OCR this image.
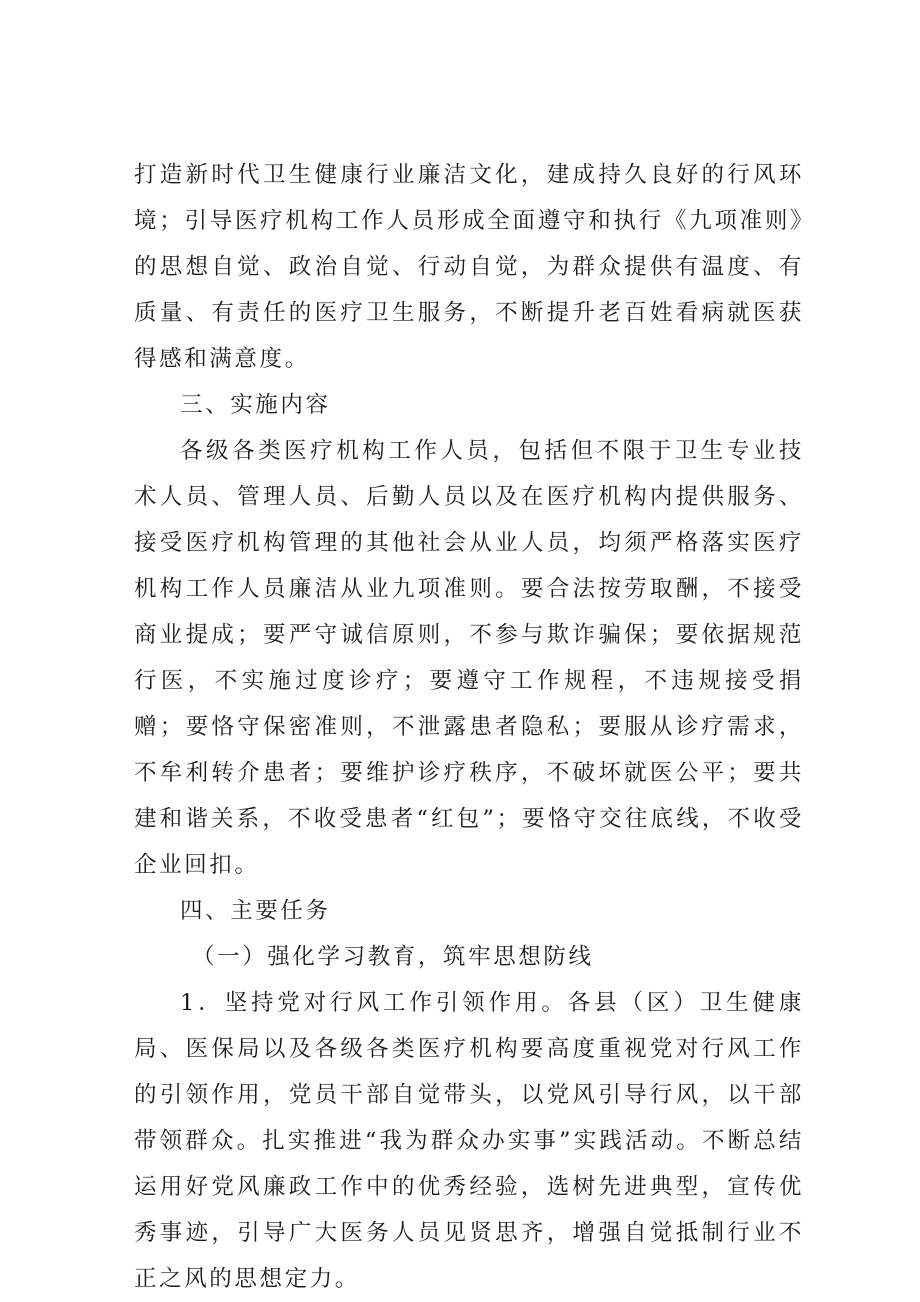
打造新时代卫生健康行业廉洁文化，建成持久良好的行风环境；引导医疗机构工作人员形成全面遵守和执行《九项准则》的思想自觉、政治自觉、行动自觉，为群众提供有温度、有质量、有责任的医疗卫生服务，不断提升老百姓看病就医获得感和满意度。

三、实施内容

各级各类医疗机构工作人员，包括但不限于卫生专业技术人员、管理人员、后勤人员以及在医疗机构内提供服务、接受医疗机构管理的其他社会从业人员，均须严格落实医疗机构工作人员廉洁从业九项准则。要合法按劳取酬，不接受商业提成；要严守诚信原则，不参与欺诈骗保；要依据规范行医，不实施过度诊疗；要遵守工作规程，不违规接受捐赠；要恪守保密准则，不泄露患者隐私；要服从诊疗需求，不牟利转介患者；要维护诊疗秩序，不破坏就医公平；要共建和谐关系，不收受患者“红包”；要恪守交往底线，不收受企业回扣。

四、主要任务

（一）强化学习教育，筑牢思想防线

1．坚持党对行风工作引领作用。各县（区）卫生健康局、医保局以及各级各类医疗机构要高度重视党对行风工作的引领作用，党员干部自觉带头，以党风引导行风，以干部带领群众。扎实推进“我为群众办实事”实践活动。不断总结运用好党风廉政工作中的优秀经验，选树先进典型，宣传优秀事迹，引导广大医务人员见贤思齐，增强自觉抵制行业不正之风的思想定力。
